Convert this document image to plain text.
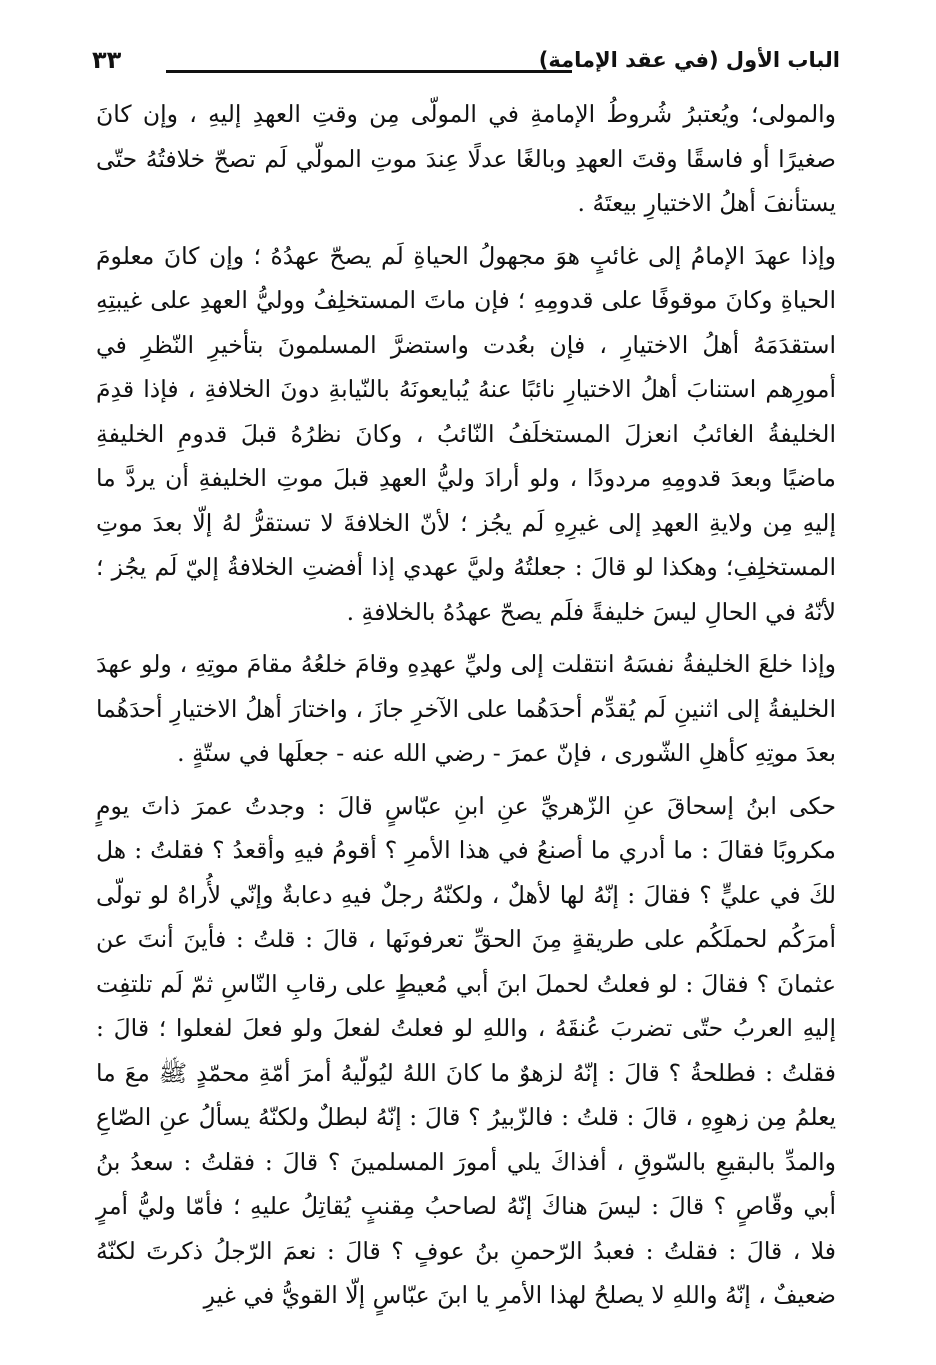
الباب الأول (في عقد الإمامة)
٣٣

والمولى؛ ويُعتبرُ شُروطُ الإمامةِ في المولّى مِن وقتِ العهدِ إليهِ ، وإن كانَ صغيرًا أو فاسقًا وقتَ العهدِ وبالغًا عدلًا عِندَ موتِ المولّي لَم تصحّ خلافتُهُ حتّى يستأنفَ أهلُ الاختيارِ بيعتَهُ .

وإذا عهدَ الإمامُ إلى غائبٍ هوَ مجهولُ الحياةِ لَم يصحّ عهدُهُ ؛ وإن كانَ معلومَ الحياةِ وكانَ موقوفًا على قدومِهِ ؛ فإن ماتَ المستخلِفُ ووليُّ العهدِ على غيبتِهِ استقدَمَهُ أهلُ الاختيارِ ، فإن بعُدت واستضرَّ المسلمونَ بتأخيرِ النّظرِ في أمورِهم استنابَ أهلُ الاختيارِ نائبًا عنهُ يُبايعونَهُ بالنّيابةِ دونَ الخلافةِ ، فإذا قدِمَ الخليفةُ الغائبُ انعزلَ المستخلَفُ النّائبُ ، وكانَ نظرُهُ قبلَ قدومِ الخليفةِ ماضيًا وبعدَ قدومِهِ مردودًا ، ولو أرادَ وليُّ العهدِ قبلَ موتِ الخليفةِ أن يردَّ ما إليهِ مِن ولايةِ العهدِ إلى غيرِهِ لَم يجُز ؛ لأنّ الخلافةَ لا تستقرُّ لهُ إلّا بعدَ موتِ المستخلِفِ؛ وهكذا لو قالَ : جعلتُهُ وليَّ عهدي إذا أفضتِ الخلافةُ إليّ لَم يجُز ؛ لأنّهُ في الحالِ ليسَ خليفةً فلَم يصحّ عهدُهُ بالخلافةِ .

وإذا خلعَ الخليفةُ نفسَهُ انتقلت إلى وليِّ عهدِهِ وقامَ خلعُهُ مقامَ موتِهِ ، ولو عهدَ الخليفةُ إلى اثنينِ لَم يُقدِّم أحدَهُما على الآخرِ جازَ ، واختارَ أهلُ الاختيارِ أحدَهُما بعدَ موتِهِ كأهلِ الشّورى ، فإنّ عمرَ - رضي الله عنه - جعلَها في ستّةٍ .

حكى ابنُ إسحاقَ عنِ الزّهريِّ عنِ ابنِ عبّاسٍ قالَ : وجدتُ عمرَ ذاتَ يومٍ مكروبًا فقالَ : ما أدري ما أصنعُ في هذا الأمرِ ؟ أقومُ فيهِ وأقعدُ ؟ فقلتُ : هل لكَ في عليٍّ ؟ فقالَ : إنّهُ لها لأهلٌ ، ولكنّهُ رجلٌ فيهِ دعابةٌ وإنّي لأُراهُ لو تولّى أمرَكُم لحملَكُم على طريقةٍ مِنَ الحقِّ تعرفونَها ، قالَ : قلتُ : فأينَ أنتَ عن عثمانَ ؟ فقالَ : لو فعلتُ لحملَ ابنَ أبي مُعيطٍ على رقابِ النّاسِ ثمّ لَم تلتفِت إليهِ العربُ حتّى تضربَ عُنقَهُ ، واللهِ لو فعلتُ لفعلَ ولو فعلَ لفعلوا ؛ قالَ : فقلتُ : فطلحةُ ؟ قالَ : إنّهُ لزهوٌ ما كانَ اللهُ ليُولّيهُ أمرَ أمّةِ محمّدٍ ﷺ معَ ما يعلمُ مِن زهوِهِ ، قالَ : قلتُ : فالزّبيرُ ؟ قالَ : إنّهُ لبطلٌ ولكنّهُ يسألُ عنِ الصّاعِ والمدِّ بالبقيعِ بالسّوقِ ، أفذاكَ يلي أمورَ المسلمينَ ؟ قالَ : فقلتُ : سعدُ بنُ أبي وقّاصٍ ؟ قالَ : ليسَ هناكَ إنّهُ لصاحبُ مِقنبٍ يُقاتِلُ عليهِ ؛ فأمّا وليُّ أمرٍ فلا ، قالَ : فقلتُ : فعبدُ الرّحمنِ بنُ عوفٍ ؟ قالَ : نعمَ الرّجلُ ذكرتَ لكنّهُ ضعيفٌ ، إنّهُ واللهِ لا يصلحُ لهذا الأمرِ يا ابنَ عبّاسٍ إلّا القويُّ في غيرِ
